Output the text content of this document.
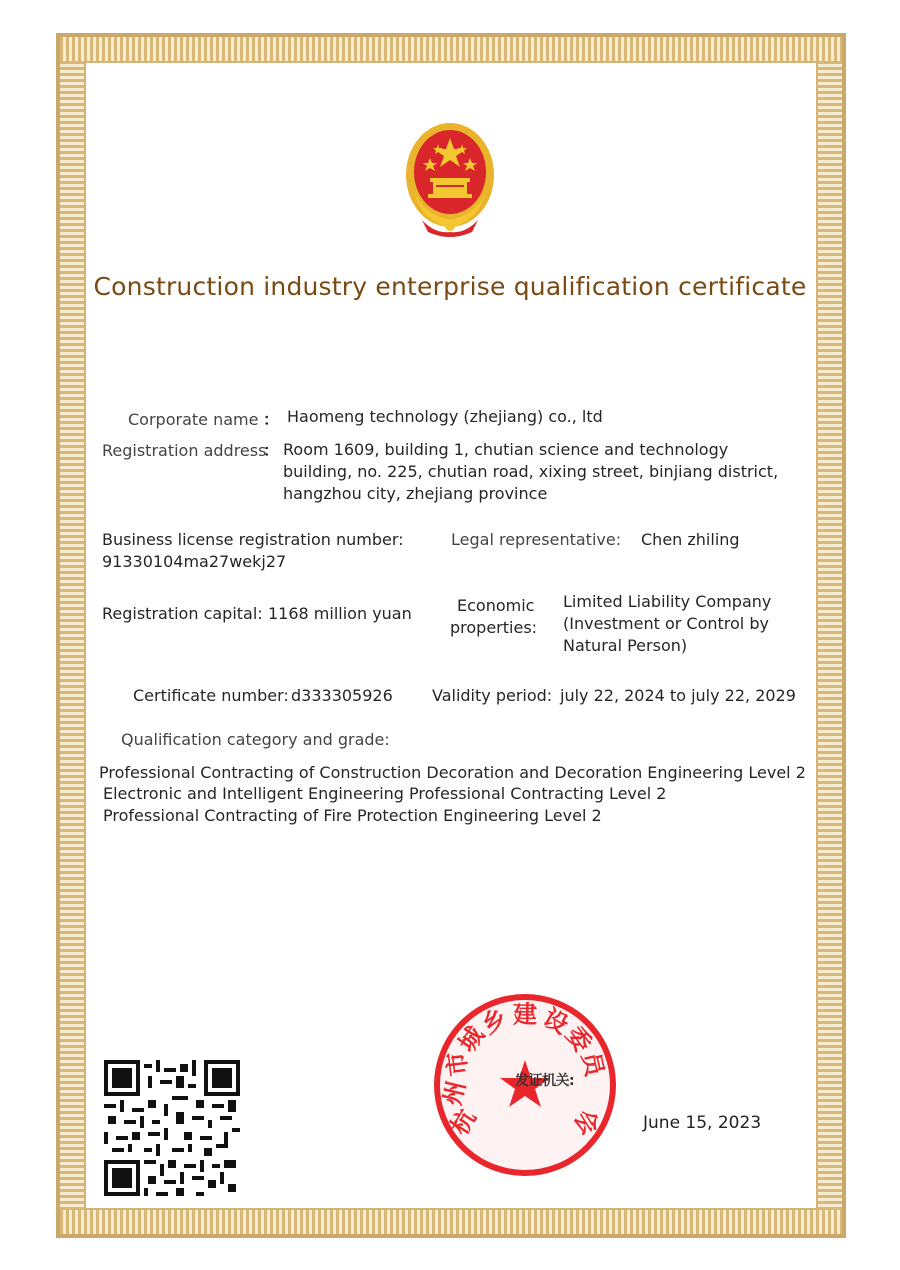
Construction industry enterprise qualification certificate
Corporate name ： Haomeng technology (zhejiang) co., ltd
Registration address
： Room 1609, building 1, chutian science and technology
building, no. 225, chutian road, xixing street, binjiang district,
hangzhou city, zhejiang province
Business license registration number:
91330104ma27wekj27
Legal representative: Chen zhiling
Registration capital: 1168 million yuan	Economic
properties:
Limited Liability Company
(Investment or Control by
Natural Person)
Certificate number: d333305926 Validity period: july 22, 2024 to july 22, 2029
Qualification category and grade:
Professional Contracting of Construction Decoration and Decoration Engineering Level 2
Electronic and Intelligent Engineering Professional Contracting Level 2
Professional Contracting of Fire Protection Engineering Level 2
杭
州
市
城
乡 建 设
委
员
会
发证机关:
June 15, 2023
